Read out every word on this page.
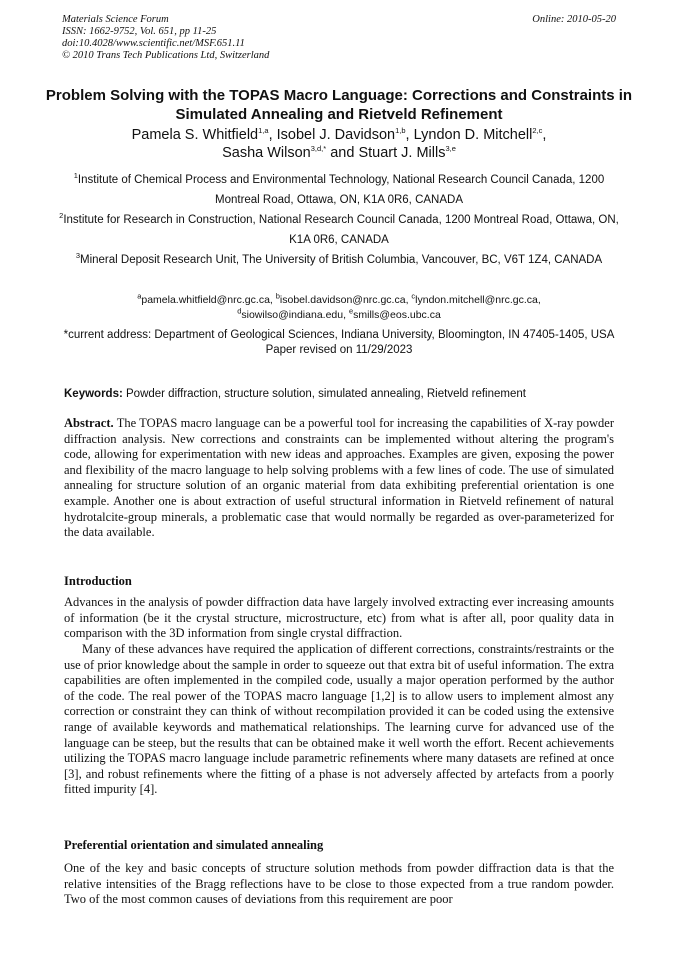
Materials Science Forum
ISSN: 1662-9752, Vol. 651, pp 11-25
doi:10.4028/www.scientific.net/MSF.651.11
© 2010 Trans Tech Publications Ltd, Switzerland
Online: 2010-05-20
Problem Solving with the TOPAS Macro Language: Corrections and Constraints in Simulated Annealing and Rietveld Refinement
Pamela S. Whitfield$^{1,a}$, Isobel J. Davidson$^{1,b}$, Lyndon D. Mitchell$^{2,c}$,
Sasha Wilson$^{3,d,*}$ and Stuart J. Mills$^{3,e}$
$^1$Institute of Chemical Process and Environmental Technology, National Research Council Canada, 1200 Montreal Road, Ottawa, ON, K1A 0R6, CANADA
$^2$Institute for Research in Construction, National Research Council Canada, 1200 Montreal Road, Ottawa, ON, K1A 0R6, CANADA
$^3$Mineral Deposit Research Unit, The University of British Columbia, Vancouver, BC, V6T 1Z4, CANADA
$^a$pamela.whitfield@nrc.gc.ca, $^b$isobel.davidson@nrc.gc.ca, $^c$lyndon.mitchell@nrc.gc.ca,
$^d$siowilso@indiana.edu, $^e$smills@eos.ubc.ca
*current address: Department of Geological Sciences, Indiana University, Bloomington, IN 47405-1405, USA
Paper revised on 11/29/2023
Keywords: Powder diffraction, structure solution, simulated annealing, Rietveld refinement
Abstract. The TOPAS macro language can be a powerful tool for increasing the capabilities of X-ray powder diffraction analysis. New corrections and constraints can be implemented without altering the program's code, allowing for experimentation with new ideas and approaches. Examples are given, exposing the power and flexibility of the macro language to help solving problems with a few lines of code. The use of simulated annealing for structure solution of an organic material from data exhibiting preferential orientation is one example. Another one is about extraction of useful structural information in Rietveld refinement of natural hydrotalcite-group minerals, a problematic case that would normally be regarded as over-parameterized for the data available.
Introduction
Advances in the analysis of powder diffraction data have largely involved extracting ever increasing amounts of information (be it the crystal structure, microstructure, etc) from what is after all, poor quality data in comparison with the 3D information from single crystal diffraction.
Many of these advances have required the application of different corrections, constraints/restraints or the use of prior knowledge about the sample in order to squeeze out that extra bit of useful information. The extra capabilities are often implemented in the compiled code, usually a major operation performed by the author of the code. The real power of the TOPAS macro language [1,2] is to allow users to implement almost any correction or constraint they can think of without recompilation provided it can be coded using the extensive range of available keywords and mathematical relationships. The learning curve for advanced use of the language can be steep, but the results that can be obtained make it well worth the effort. Recent achievements utilizing the TOPAS macro language include parametric refinements where many datasets are refined at once [3], and robust refinements where the fitting of a phase is not adversely affected by artefacts from a poorly fitted impurity [4].
Preferential orientation and simulated annealing
One of the key and basic concepts of structure solution methods from powder diffraction data is that the relative intensities of the Bragg reflections have to be close to those expected from a true random powder. Two of the most common causes of deviations from this requirement are poor
